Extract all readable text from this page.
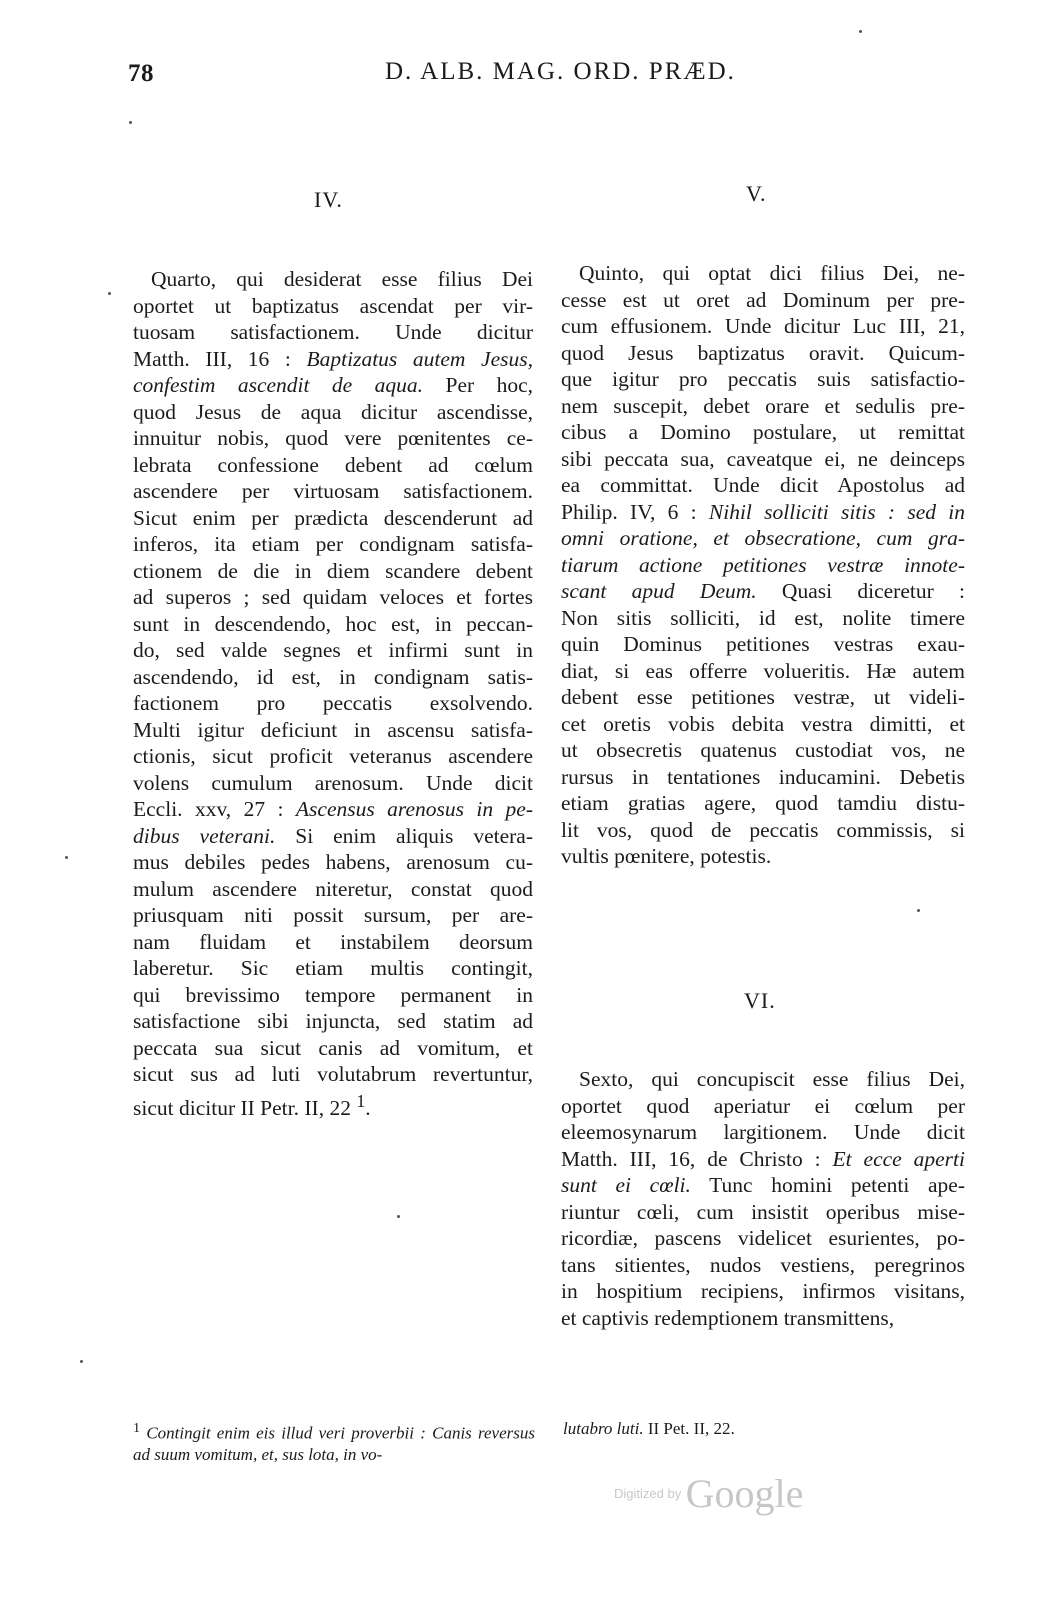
78	D. ALB. MAG. ORD. PRÆD.
IV.
Quarto, qui desiderat esse filius Dei
oportet ut baptizatus ascendat per vir-
tuosam satisfactionem. Unde dicitur
Matth. III, 16 : Baptizatus autem Jesus,
confestim ascendit de aqua. Per hoc,
quod Jesus de aqua dicitur ascendisse,
innuitur nobis, quod vere pœnitentes ce-
lebrata confessione debent ad cœlum
ascendere per virtuosam satisfactionem.
Sicut enim per prædicta descenderunt ad
inferos, ita etiam per condignam satisfa-
ctionem de die in diem scandere debent
ad superos ; sed quidam veloces et fortes
sunt in descendendo, hoc est, in peccan-
do, sed valde segnes et infirmi sunt in
ascendendo, id est, in condignam satis-
factionem pro peccatis exsolvendo.
Multi igitur deficiunt in ascensu satisfa-
ctionis, sicut proficit veteranus ascendere
volens cumulum arenosum. Unde dicit
Eccli. xxv, 27 : Ascensus arenosus in pe-
dibus veterani. Si enim aliquis vetera-
mus debiles pedes habens, arenosum cu-
mulum ascendere niteretur, constat quod
priusquam niti possit sursum, per are-
nam fluidam et instabilem deorsum
laberetur. Sic etiam multis contingit,
qui brevissimo tempore permanent in
satisfactione sibi injuncta, sed statim ad
peccata sua sicut canis ad vomitum, et
sicut sus ad luti volutabrum revertuntur,
sicut dicitur II Petr. II, 22 $^1$.
V.
Quinto, qui optat dici filius Dei, ne-
cesse est ut oret ad Dominum per pre-
cum effusionem. Unde dicitur Luc III, 21,
quod Jesus baptizatus oravit. Quicum-
que igitur pro peccatis suis satisfactio-
nem suscepit, debet orare et sedulis pre-
cibus a Domino postulare, ut remittat
sibi peccata sua, caveatque ei, ne deinceps
ea committat. Unde dicit Apostolus ad
Philip. IV, 6 : Nihil solliciti sitis : sed in
omni oratione, et obsecratione, cum gra-
tiarum actione petitiones vestræ innote-
scant apud Deum. Quasi diceretur :
Non sitis solliciti, id est, nolite timere
quin Dominus petitiones vestras exau-
diat, si eas offerre volueritis. Hæ autem
debent esse petitiones vestræ, ut videli-
cet oretis vobis debita vestra dimitti, et
ut obsecretis quatenus custodiat vos, ne
rursus in tentationes inducamini. Debetis
etiam gratias agere, quod tamdiu distu-
lit vos, quod de peccatis commissis, si
vultis pœnitere, potestis.
VI.
Sexto, qui concupiscit esse filius Dei,
oportet quod aperiatur ei cœlum per
eleemosynarum largitionem. Unde dicit
Matth. III, 16, de Christo : Et ecce aperti
sunt ei cœli. Tunc homini petenti ape-
riuntur cœli, cum insistit operibus mise-
ricordiæ, pascens videlicet esurientes, po-
tans sitientes, nudos vestiens, peregrinos
in hospitium recipiens, infirmos visitans,
et captivis redemptionem transmittens,
$^1$ Contingit enim eis illud veri proverbii : Canis reversus ad suum vomitum, et, sus lota, in vo-
lutabro luti. II Pet. II, 22.
Digitized by Google
